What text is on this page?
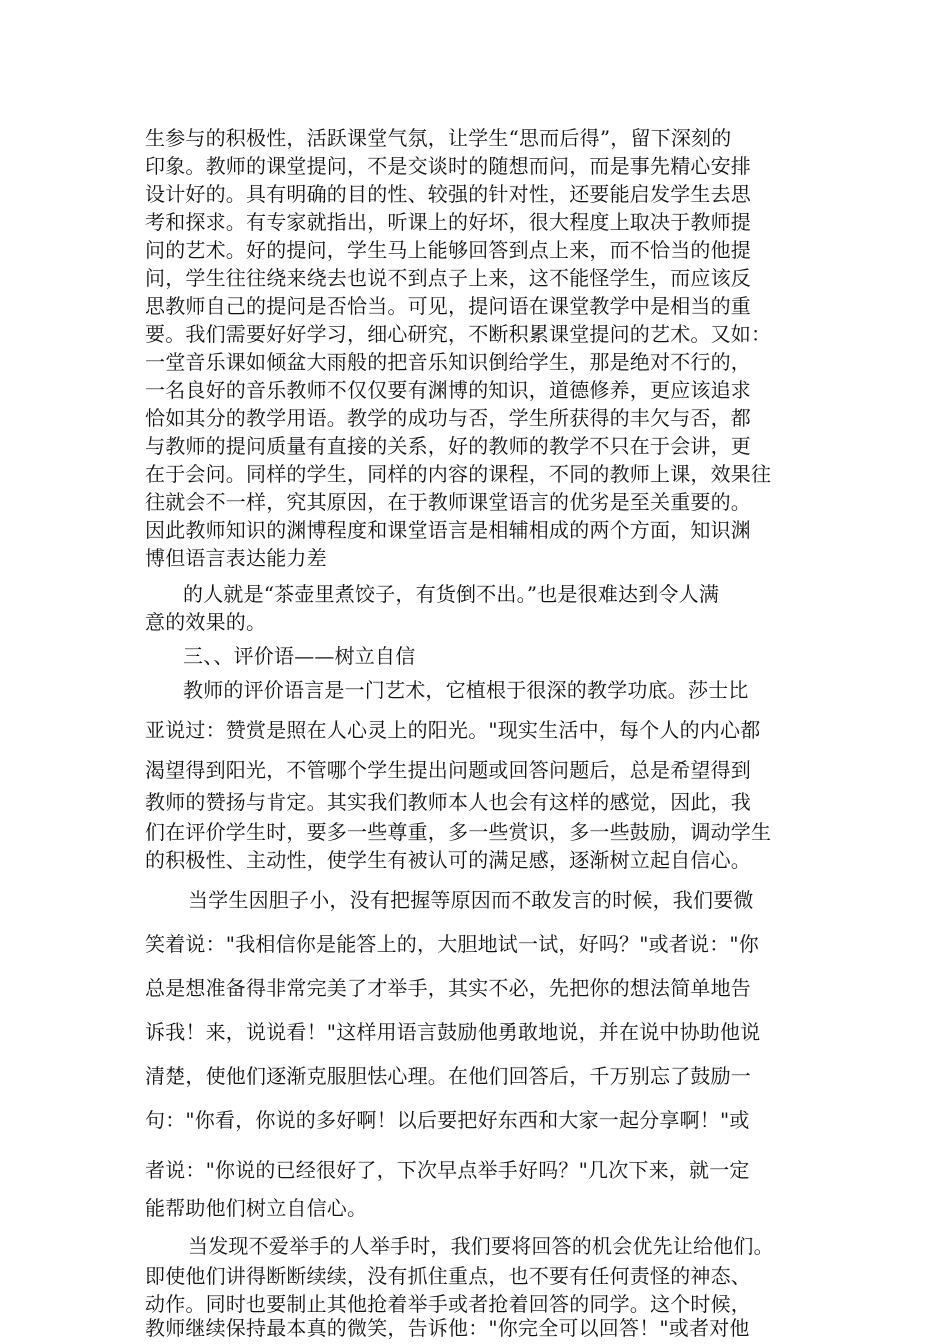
生参与的积极性，活跃课堂气氛，让学生“思而后得”，留下深刻的
印象。教师的课堂提问，不是交谈时的随想而问，而是事先精心安排
设计好的。具有明确的目的性、较强的针对性，还要能启发学生去思
考和探求。有专家就指出，听课上的好坏，很大程度上取决于教师提
问的艺术。好的提问，学生马上能够回答到点上来，而不恰当的他提
问，学生往往绕来绕去也说不到点子上来，这不能怪学生，而应该反
思教师自己的提问是否恰当。可见，提问语在课堂教学中是相当的重
要。我们需要好好学习，细心研究，不断积累课堂提问的艺术。又如：
一堂音乐课如倾盆大雨般的把音乐知识倒给学生，那是绝对不行的，
一名良好的音乐教师不仅仅要有渊博的知识，道德修养，更应该追求
恰如其分的教学用语。教学的成功与否，学生所获得的丰欠与否，都
与教师的提问质量有直接的关系，好的教师的教学不只在于会讲，更
在于会问。同样的学生，同样的内容的课程，不同的教师上课，效果往
往就会不一样，究其原因，在于教师课堂语言的优劣是至关重要的。
因此教师知识的渊博程度和课堂语言是相辅相成的两个方面，知识渊
博但语言表达能力差
的人就是“茶壶里煮饺子，有货倒不出。”也是很难达到令人满
意的效果的。
三、、评价语——树立自信
教师的评价语言是一门艺术，它植根于很深的教学功底。莎士比
亚说过：赞赏是照在人心灵上的阳光。"现实生活中，每个人的内心都
渴望得到阳光，不管哪个学生提出问题或回答问题后，总是希望得到
教师的赞扬与肯定。其实我们教师本人也会有这样的感觉，因此，我
们在评价学生时，要多一些尊重，多一些赏识，多一些鼓励，调动学生
的积极性、主动性，使学生有被认可的满足感，逐渐树立起自信心。
当学生因胆子小，没有把握等原因而不敢发言的时候，我们要微
笑着说："我相信你是能答上的，大胆地试一试，好吗？"或者说："你
总是想准备得非常完美了才举手，其实不必，先把你的想法简单地告
诉我！来，说说看！"这样用语言鼓励他勇敢地说，并在说中协助他说
清楚，使他们逐渐克服胆怯心理。在他们回答后，千万别忘了鼓励一
句："你看，你说的多好啊！以后要把好东西和大家一起分享啊！"或
者说："你说的已经很好了，下次早点举手好吗？"几次下来，就一定
能帮助他们树立自信心。
当发现不爱举手的人举手时，我们要将回答的机会优先让给他们。
即使他们讲得断断续续，没有抓住重点，也不要有任何责怪的神态、
动作。同时也要制止其他抢着举手或者抢着回答的同学。这个时候，
教师继续保持最本真的微笑，告诉他："你完全可以回答！"或者对他
